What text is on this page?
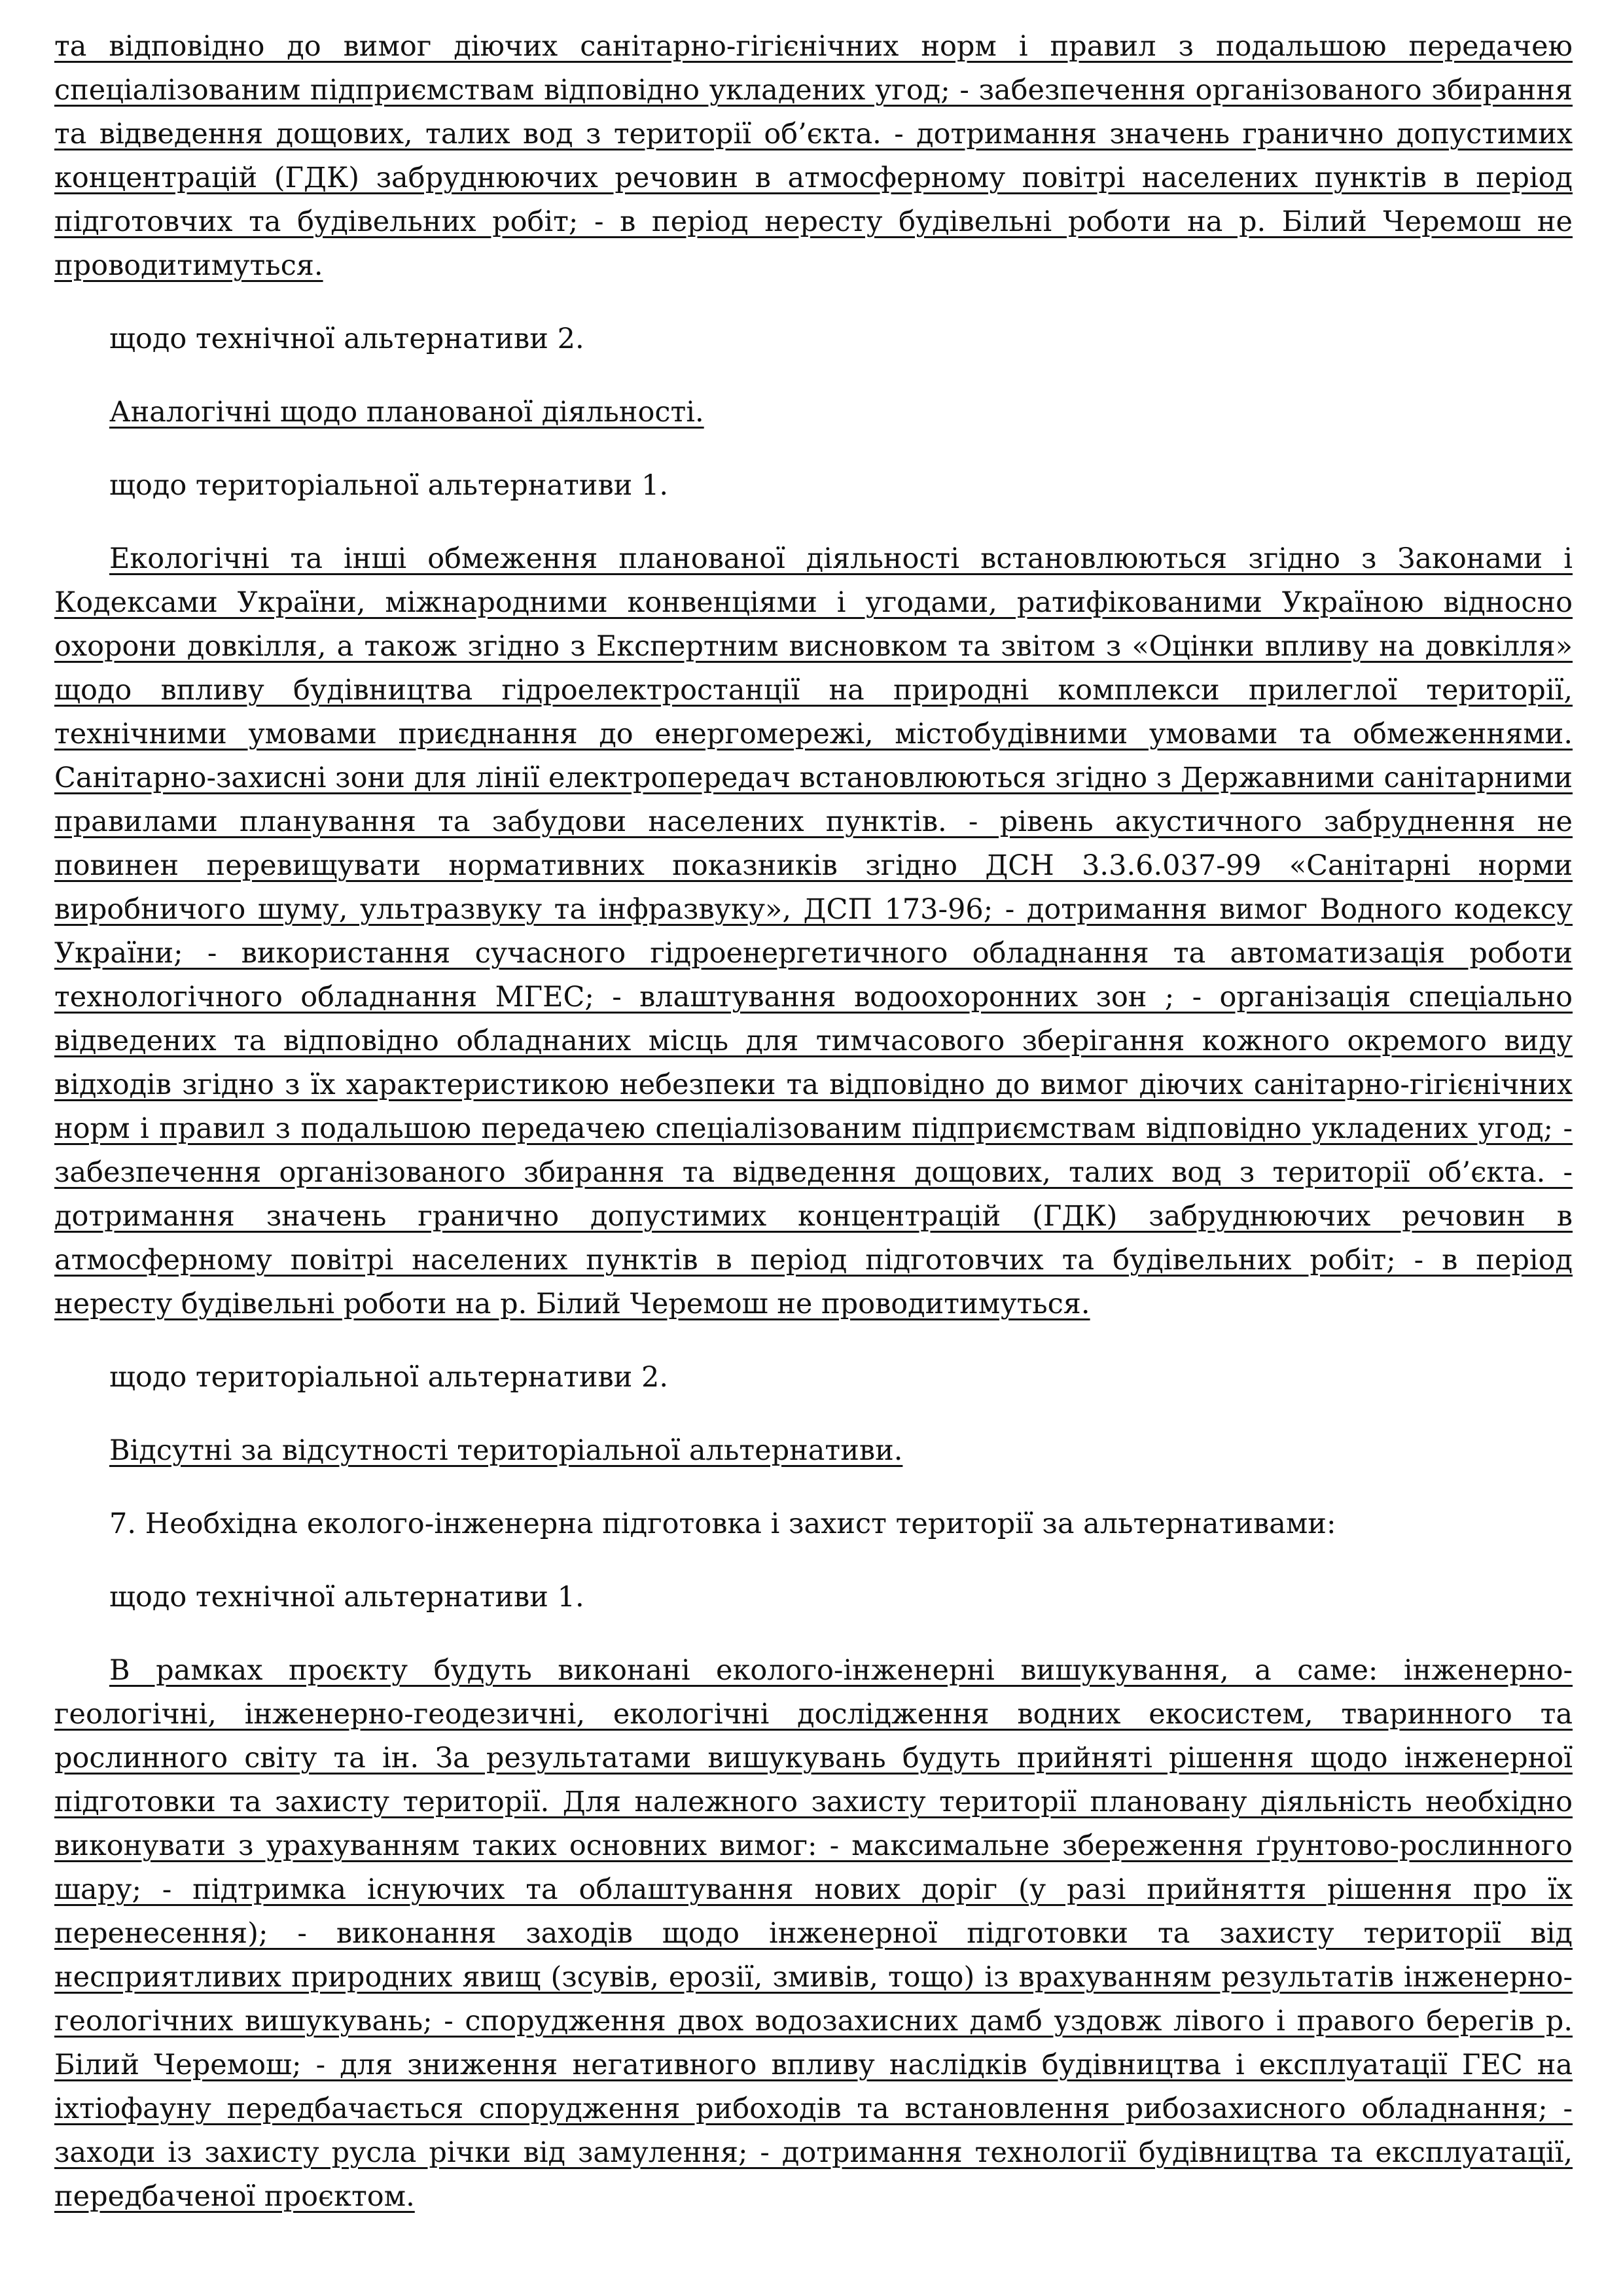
та відповідно до вимог діючих санітарно-гігієнічних норм і правил з подальшою передачею спеціалізованим підприємствам відповідно укладених угод; - забезпечення організованого збирання та відведення дощових, талих вод з території об’єкта. - дотримання значень гранично допустимих концентрацій (ГДК) забруднюючих речовин в атмосферному повітрі населених пунктів в період підготовчих та будівельних робіт; - в період нересту будівельні роботи на р. Білий Черемош не проводитимуться.

щодо технічної альтернативи 2.

Аналогічні щодо планованої діяльності.

щодо територіальної альтернативи 1.

Екологічні та інші обмеження планованої діяльності встановлюються згідно з Законами і Кодексами України, міжнародними конвенціями і угодами, ратифікованими Україною відносно охорони довкілля, а також згідно з Експертним висновком та звітом з «Оцінки впливу на довкілля» щодо впливу будівництва гідроелектростанції на природні комплекси прилеглої території, технічними умовами приєднання до енергомережі, містобудівними умовами та обмеженнями. Санітарно-захисні зони для лінії електропередач встановлюються згідно з Державними санітарними правилами планування та забудови населених пунктів. - рівень акустичного забруднення не повинен перевищувати нормативних показників згідно ДСН 3.3.6.037-99 «Санітарні норми виробничого шуму, ультразвуку та інфразвуку», ДСП 173-96; - дотримання вимог Водного кодексу України; - використання сучасного гідроенергетичного обладнання та автоматизація роботи технологічного обладнання МГЕС; - влаштування водоохоронних зон ; - організація спеціально відведених та відповідно обладнаних місць для тимчасового зберігання кожного окремого виду відходів згідно з їх характеристикою небезпеки та відповідно до вимог діючих санітарно-гігієнічних норм і правил з подальшою передачею спеціалізованим підприємствам відповідно укладених угод; - забезпечення організованого збирання та відведення дощових, талих вод з території об’єкта. - дотримання значень гранично допустимих концентрацій (ГДК) забруднюючих речовин в атмосферному повітрі населених пунктів в період підготовчих та будівельних робіт; - в період нересту будівельні роботи на р. Білий Черемош не проводитимуться.

щодо територіальної альтернативи 2.

Відсутні за відсутності територіальної альтернативи.

7. Необхідна еколого-інженерна підготовка і захист території за альтернативами:

щодо технічної альтернативи 1.

В рамках проєкту будуть виконані еколого-інженерні вишукування, а саме: інженерно-геологічні, інженерно-геодезичні, екологічні дослідження водних екосистем, тваринного та рослинного світу та ін. За результатами вишукувань будуть прийняті рішення щодо інженерної підготовки та захисту території. Для належного захисту території плановану діяльність необхідно виконувати з урахуванням таких основних вимог: - максимальне збереження ґрунтово-рослинного шару; - підтримка існуючих та облаштування нових доріг (у разі прийняття рішення про їх перенесення); - виконання заходів щодо інженерної підготовки та захисту території від несприятливих природних явищ (зсувів, ерозії, змивів, тощо) із врахуванням результатів інженерно-геологічних вишукувань; - спорудження двох водозахисних дамб уздовж лівого і правого берегів р. Білий Черемош; - для зниження негативного впливу наслідків будівництва і експлуатації ГЕС на іхтіофауну передбачається спорудження рибоходів та встановлення рибозахисного обладнання; - заходи із захисту русла річки від замулення; - дотримання технології будівництва та експлуатації, передбаченої проєктом.
